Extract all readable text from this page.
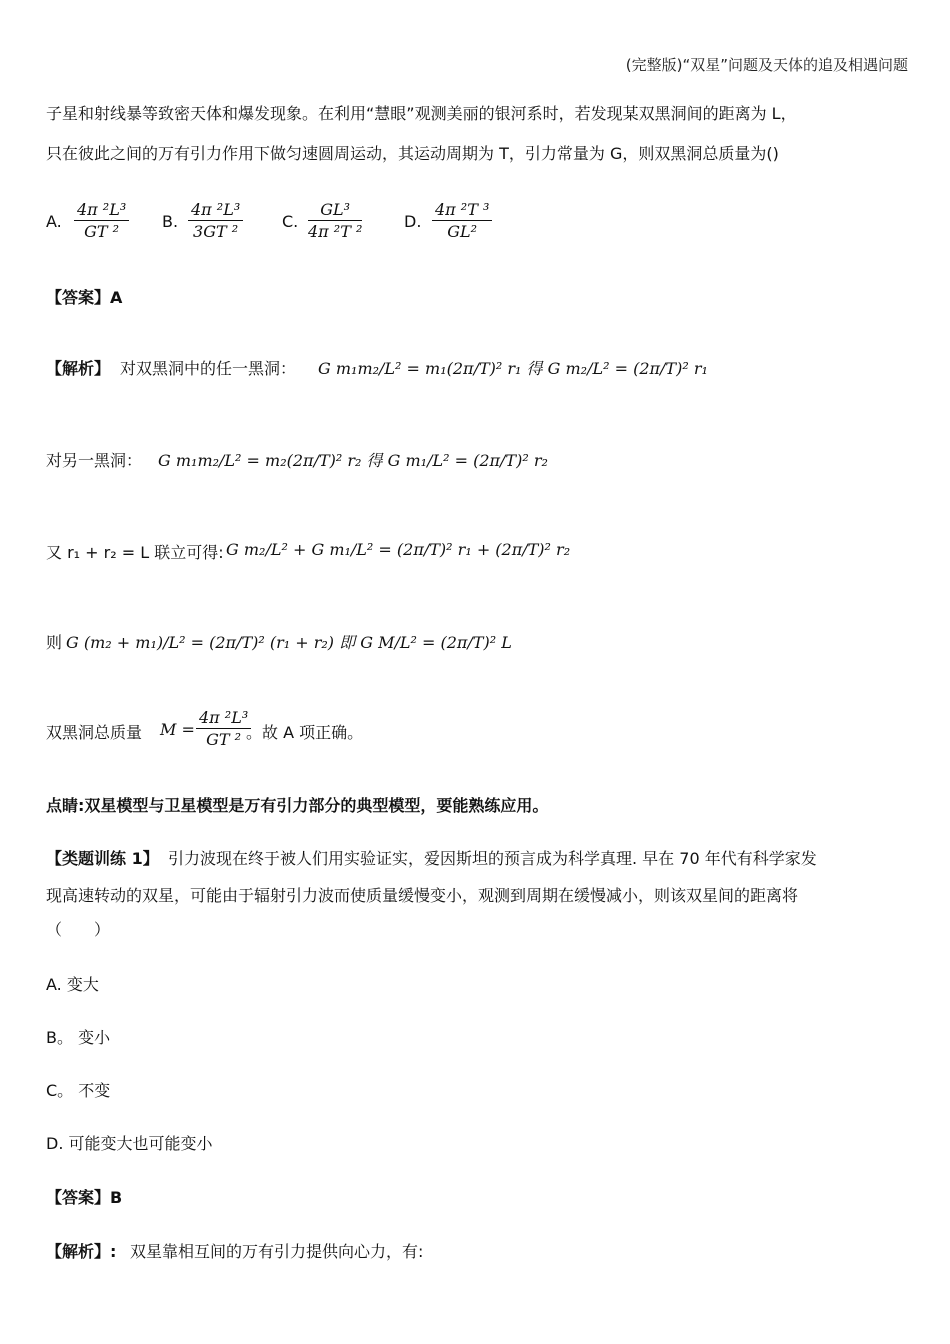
(完整版)“双星”问题及天体的追及相遇问题
子星和射线暴等致密天体和爆发现象。在利用“慧眼”观测美丽的银河系时，若发现某双黑洞间的距离为 L，
只在彼此之间的万有引力作用下做匀速圆周运动，其运动周期为 T，引力常量为 G，则双黑洞总质量为()
A. $\frac{\text{4π ²L³}}{\text{GT ²}} B$. $\frac{\text{4π ²L³}}{\text{3GT ²}} C$. $\frac{\text{GL³}}{\text{4π ²T ²}}$	D. $\frac{\text{4π ²T ³}}{\text{GL²}}$
【答案】A
【解析】 对双黑洞中的任一黑洞： G m₁m₂/L² = m₁(2π/T)² r₁ 得 G m₂/L² = (2π/T)² r₁
对另一黑洞： G m₁m₂/L² = m₂(2π/T)² r₂ 得 G m₁/L² = (2π/T)² r₂
又 r₁ + r₂ = L 联立可得: G m₂/L² + G m₁/L² = (2π/T)² r₁ + (2π/T)² r₂
则 G (m₂ + m₁)/L² = (2π/T)² (r₁ + r₂) 即 G M/L² = (2π/T)² L
双黑洞总质量 $M = \frac{\text{4π ²L³}}{\text{GT ²}}$
。故 A 项正确。
点睛:双星模型与卫星模型是万有引力部分的典型模型，要能熟练应用。
【类题训练 1】 引力波现在终于被人们用实验证实，爱因斯坦的预言成为科学真理. 早在 70 年代有科学家发
现高速转动的双星，可能由于辐射引力波而使质量缓慢变小，观测到周期在缓慢减小，则该双星间的距离将
（　　）
A. 变大
B。 变小
C。 不变
D. 可能变大也可能变小
【答案】B
【解析】: 双星靠相互间的万有引力提供向心力，有:
